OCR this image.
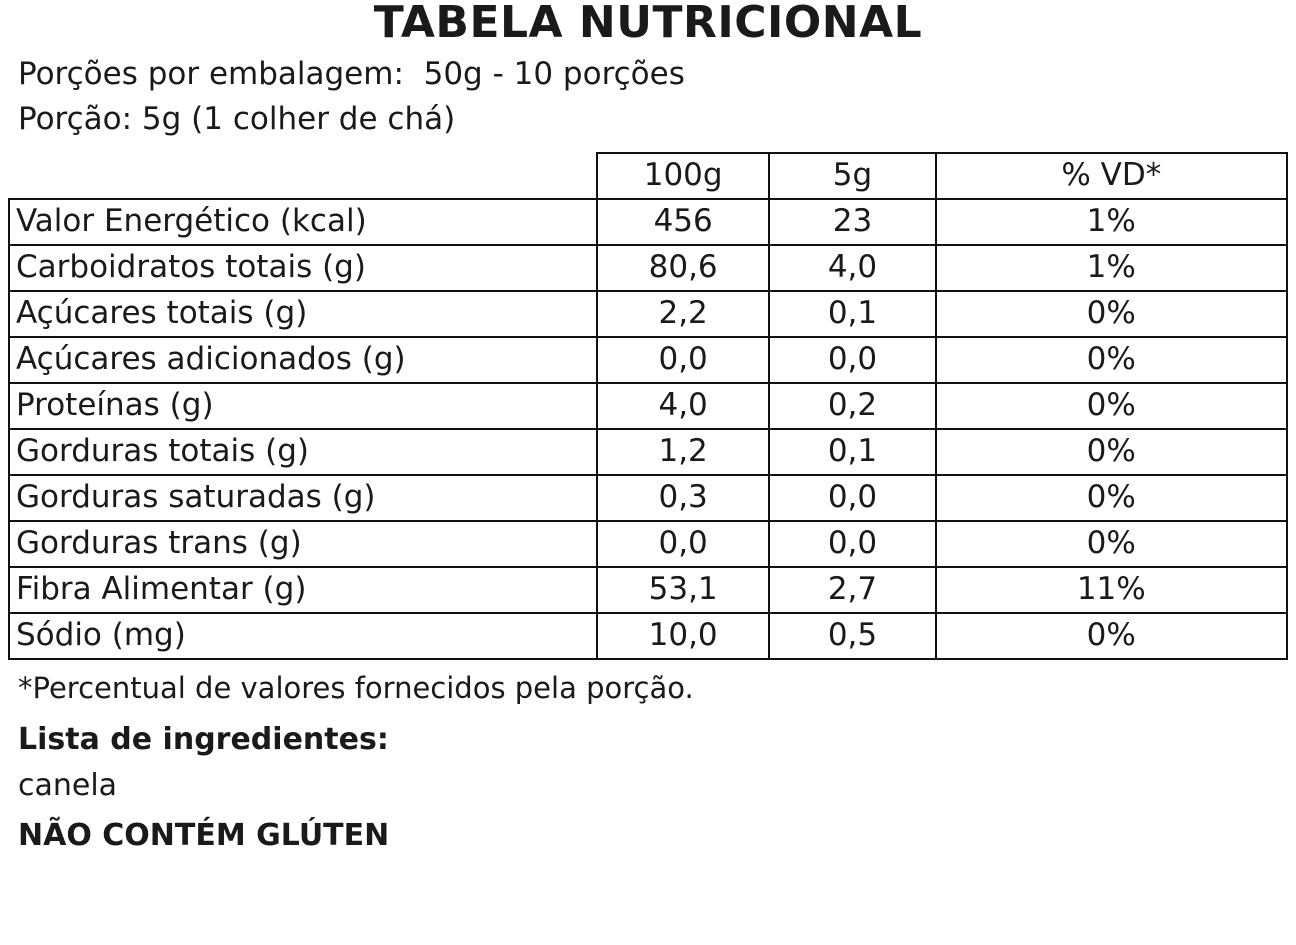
TABELA NUTRICIONAL
Porções por embalagem:  50g - 10 porções
Porção: 5g (1 colher de chá)
	100g	5g	% VD*
Valor Energético (kcal)	456	23	1%
Carboidratos totais (g)	80,6	4,0	1%
Açúcares totais (g)	2,2	0,1	0%
Açúcares adicionados (g)	0,0	0,0	0%
Proteínas (g)	4,0	0,2	0%
Gorduras totais (g)	1,2	0,1	0%
Gorduras saturadas (g)	0,3	0,0	0%
Gorduras trans (g)	0,0	0,0	0%
Fibra Alimentar (g)	53,1	2,7	11%
Sódio (mg)	10,0	0,5	0%
*Percentual de valores fornecidos pela porção.
Lista de ingredientes:
canela
NÃO CONTÉM GLÚTEN
